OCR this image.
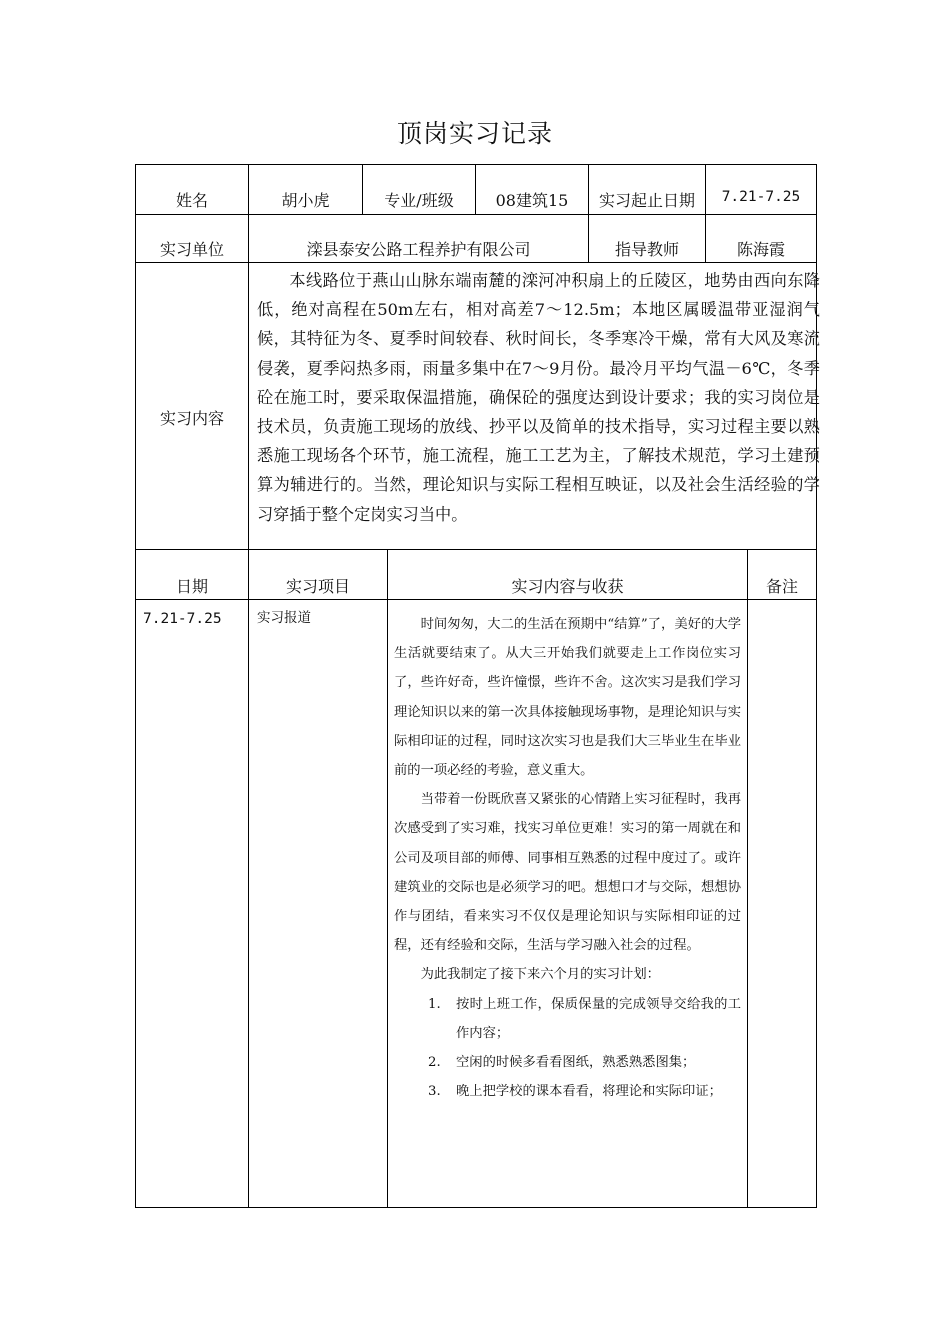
顶岗实习记录
姓名	胡小虎	专业/班级	08建筑15	实习起止日期	7.21-7.25
实习单位	滦县泰安公路工程养护有限公司	指导教师	陈海霞
实习内容

本线路位于燕山山脉东端南麓的滦河冲积扇上的丘陵区，地势由西向东降低，绝对高程在50m左右，相对高差7～12.5m；本地区属暖温带亚湿润气候，其特征为冬、夏季时间较春、秋时间长，冬季寒冷干燥，常有大风及寒流侵袭，夏季闷热多雨，雨量多集中在7～9月份。最冷月平均气温－6℃，冬季砼在施工时，要采取保温措施，确保砼的强度达到设计要求；我的实习岗位是技术员，负责施工现场的放线、抄平以及简单的技术指导，实习过程主要以熟悉施工现场各个环节，施工流程，施工工艺为主，了解技术规范，学习土建预算为辅进行的。当然，理论知识与实际工程相互映证，以及社会生活经验的学习穿插于整个定岗实习当中。

日期	实习项目	实习内容与收获	备注
7.21-7.25	实习报道	时间匆匆，大二的生活在预期中“结算”了，美好的大学生活就要结束了。从大三开始我们就要走上工作岗位实习了，些许好奇，些许憧憬，些许不舍。这次实习是我们学习理论知识以来的第一次具体接触现场事物，是理论知识与实际相印证的过程，同时这次实习也是我们大三毕业生在毕业前的一项必经的考验，意义重大。

当带着一份既欣喜又紧张的心情踏上实习征程时，我再次感受到了实习难，找实习单位更难！实习的第一周就在和公司及项目部的师傅、同事相互熟悉的过程中度过了。或许建筑业的交际也是必须学习的吧。想想口才与交际，想想协作与团结，看来实习不仅仅是理论知识与实际相印证的过程，还有经验和交际，生活与学习融入社会的过程。

为此我制定了接下来六个月的实习计划：

1. 按时上班工作，保质保量的完成领导交给我的工作内容；
2. 空闲的时候多看看图纸，熟悉熟悉图集；
3. 晚上把学校的课本看看，将理论和实际印证；
